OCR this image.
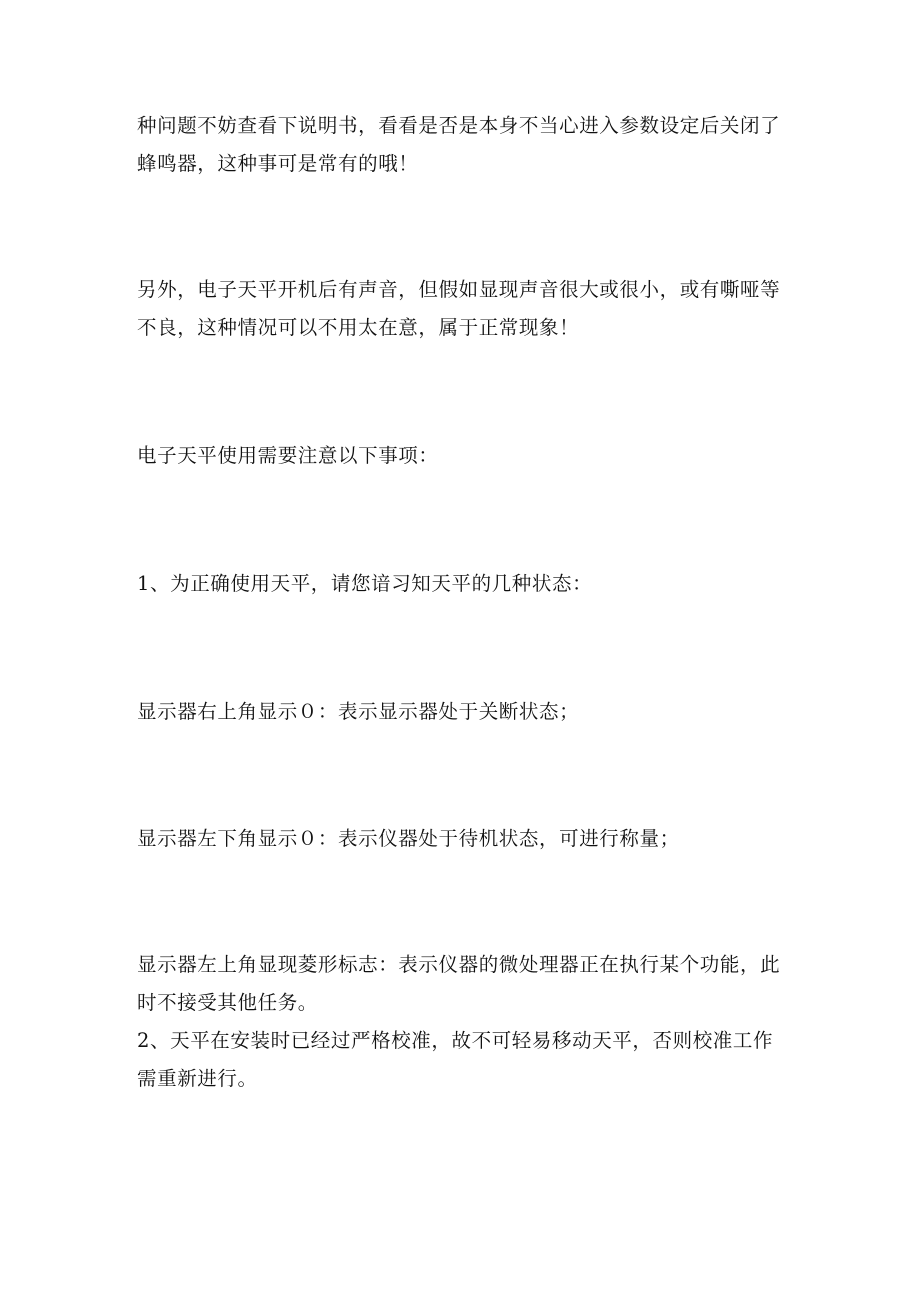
种问题不妨查看下说明书，看看是否是本身不当心进入参数设定后关闭了
蜂鸣器，这种事可是常有的哦！
另外，电子天平开机后有声音，但假如显现声音很大或很小，或有嘶哑等
不良，这种情况可以不用太在意，属于正常现象！
电子天平使用需要注意以下事项：
1、为正确使用天平，请您谙习知天平的几种状态：
显示器右上角显示０：表示显示器处于关断状态；
显示器左下角显示０：表示仪器处于待机状态，可进行称量；
显示器左上角显现菱形标志：表示仪器的微处理器正在执行某个功能，此
时不接受其他任务。
2、天平在安装时已经过严格校准，故不可轻易移动天平，否则校准工作
需重新进行。
